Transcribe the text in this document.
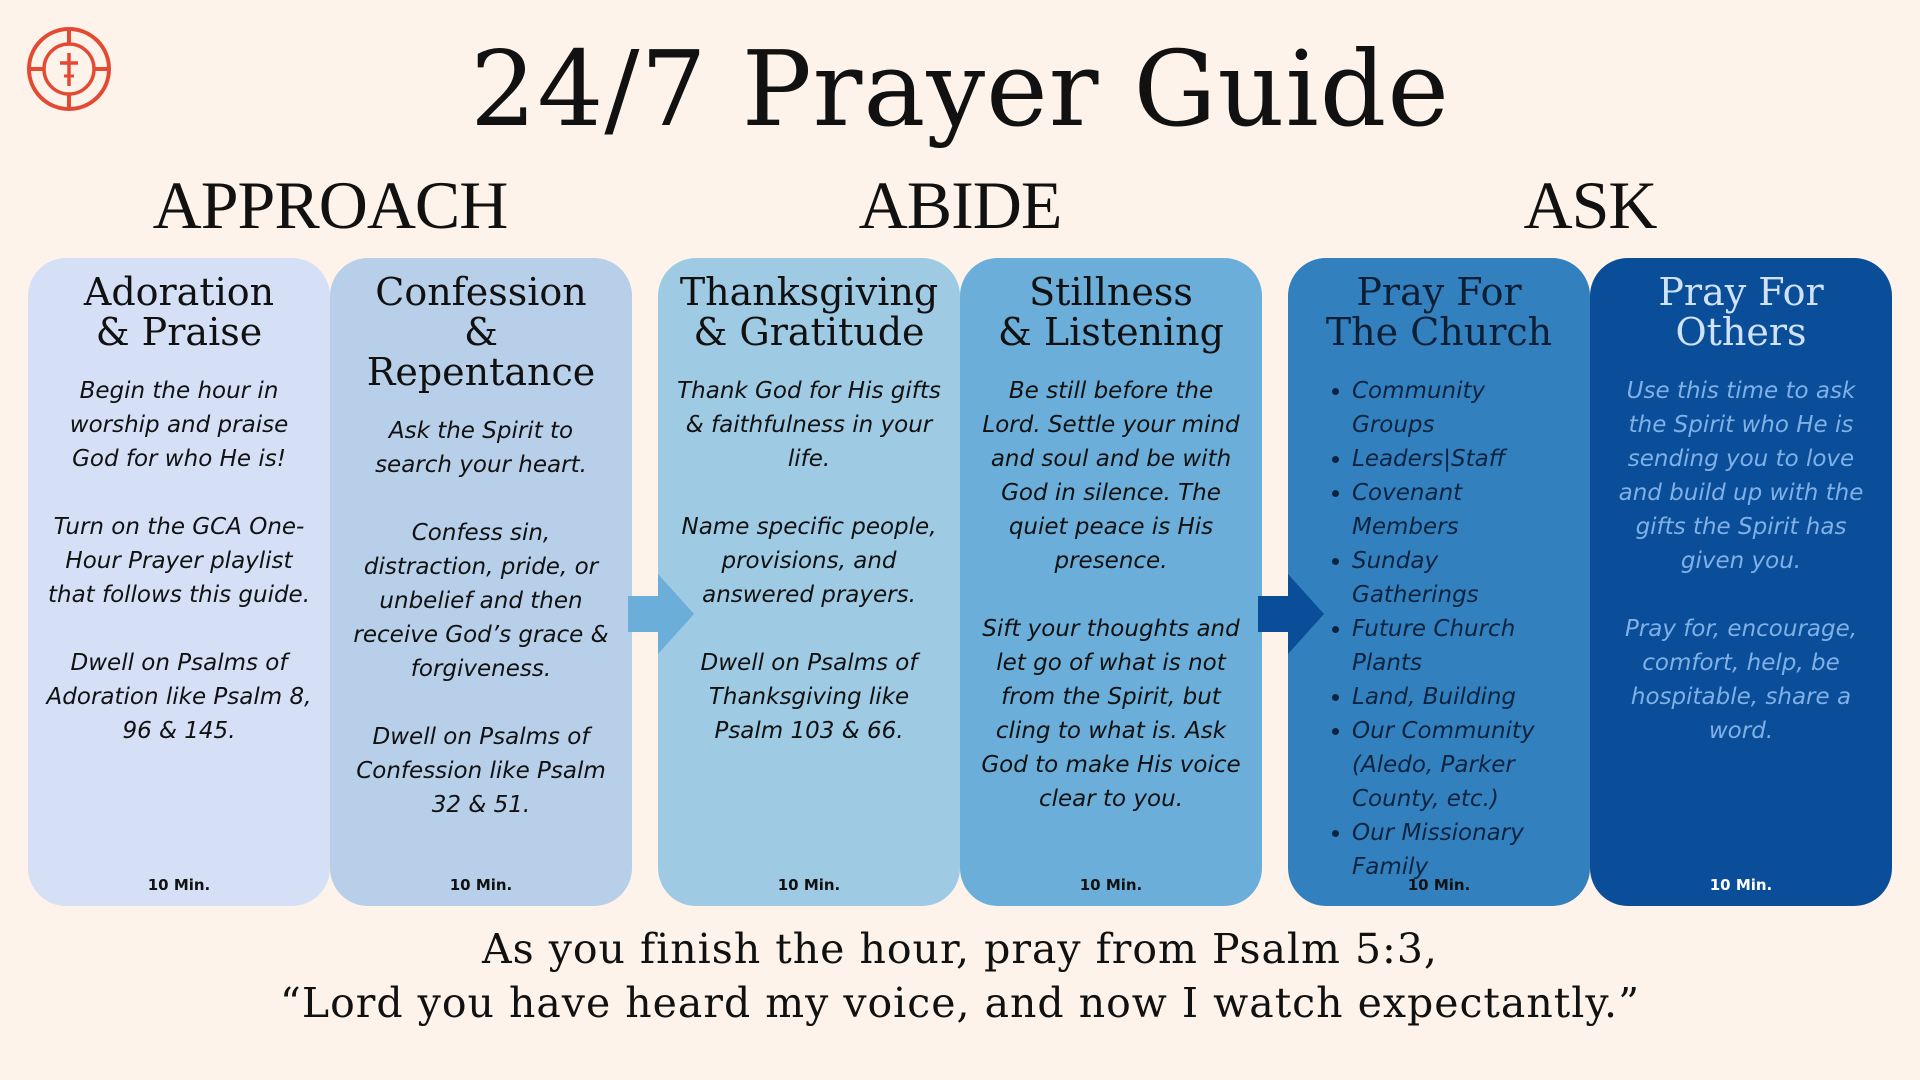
24/7 Prayer Guide
APPROACH	ABIDE	ASK
Adoration
& Praise

Begin the hour in worship and praise God for who He is!

Turn on the GCA One-Hour Prayer playlist that follows this guide.

Dwell on Psalms of Adoration like Psalm 8, 96 & 145.

10 Min.
Confession
& Repentance

Ask the Spirit to search your heart.

Confess sin, distraction, pride, or unbelief and then receive God’s grace & forgiveness.

Dwell on Psalms of Confession like Psalm 32 & 51.

10 Min.
Thanksgiving
& Gratitude

Thank God for His gifts & faithfulness in your life.

Name specific people, provisions, and answered prayers.

Dwell on Psalms of Thanksgiving like Psalm 103 & 66.

10 Min.
Stillness
& Listening

Be still before the Lord. Settle your mind and soul and be with God in silence. The quiet peace is His presence.

Sift your thoughts and let go of what is not from the Spirit, but cling to what is. Ask God to make His voice clear to you.

10 Min.
Pray For
The Church
• Community Groups
• Leaders|Staff
• Covenant Members
• Sunday Gatherings
• Future Church Plants
• Land, Building
• Our Community (Aledo, Parker County, etc.)
• Our Missionary Family
10 Min.
Pray For
Others

Use this time to ask the Spirit who He is sending you to love and build up with the gifts the Spirit has given you.

Pray for, encourage, comfort, help, be hospitable, share a word.

10 Min.
As you finish the hour, pray from Psalm 5:3,
“Lord you have heard my voice, and now I watch expectantly.”
